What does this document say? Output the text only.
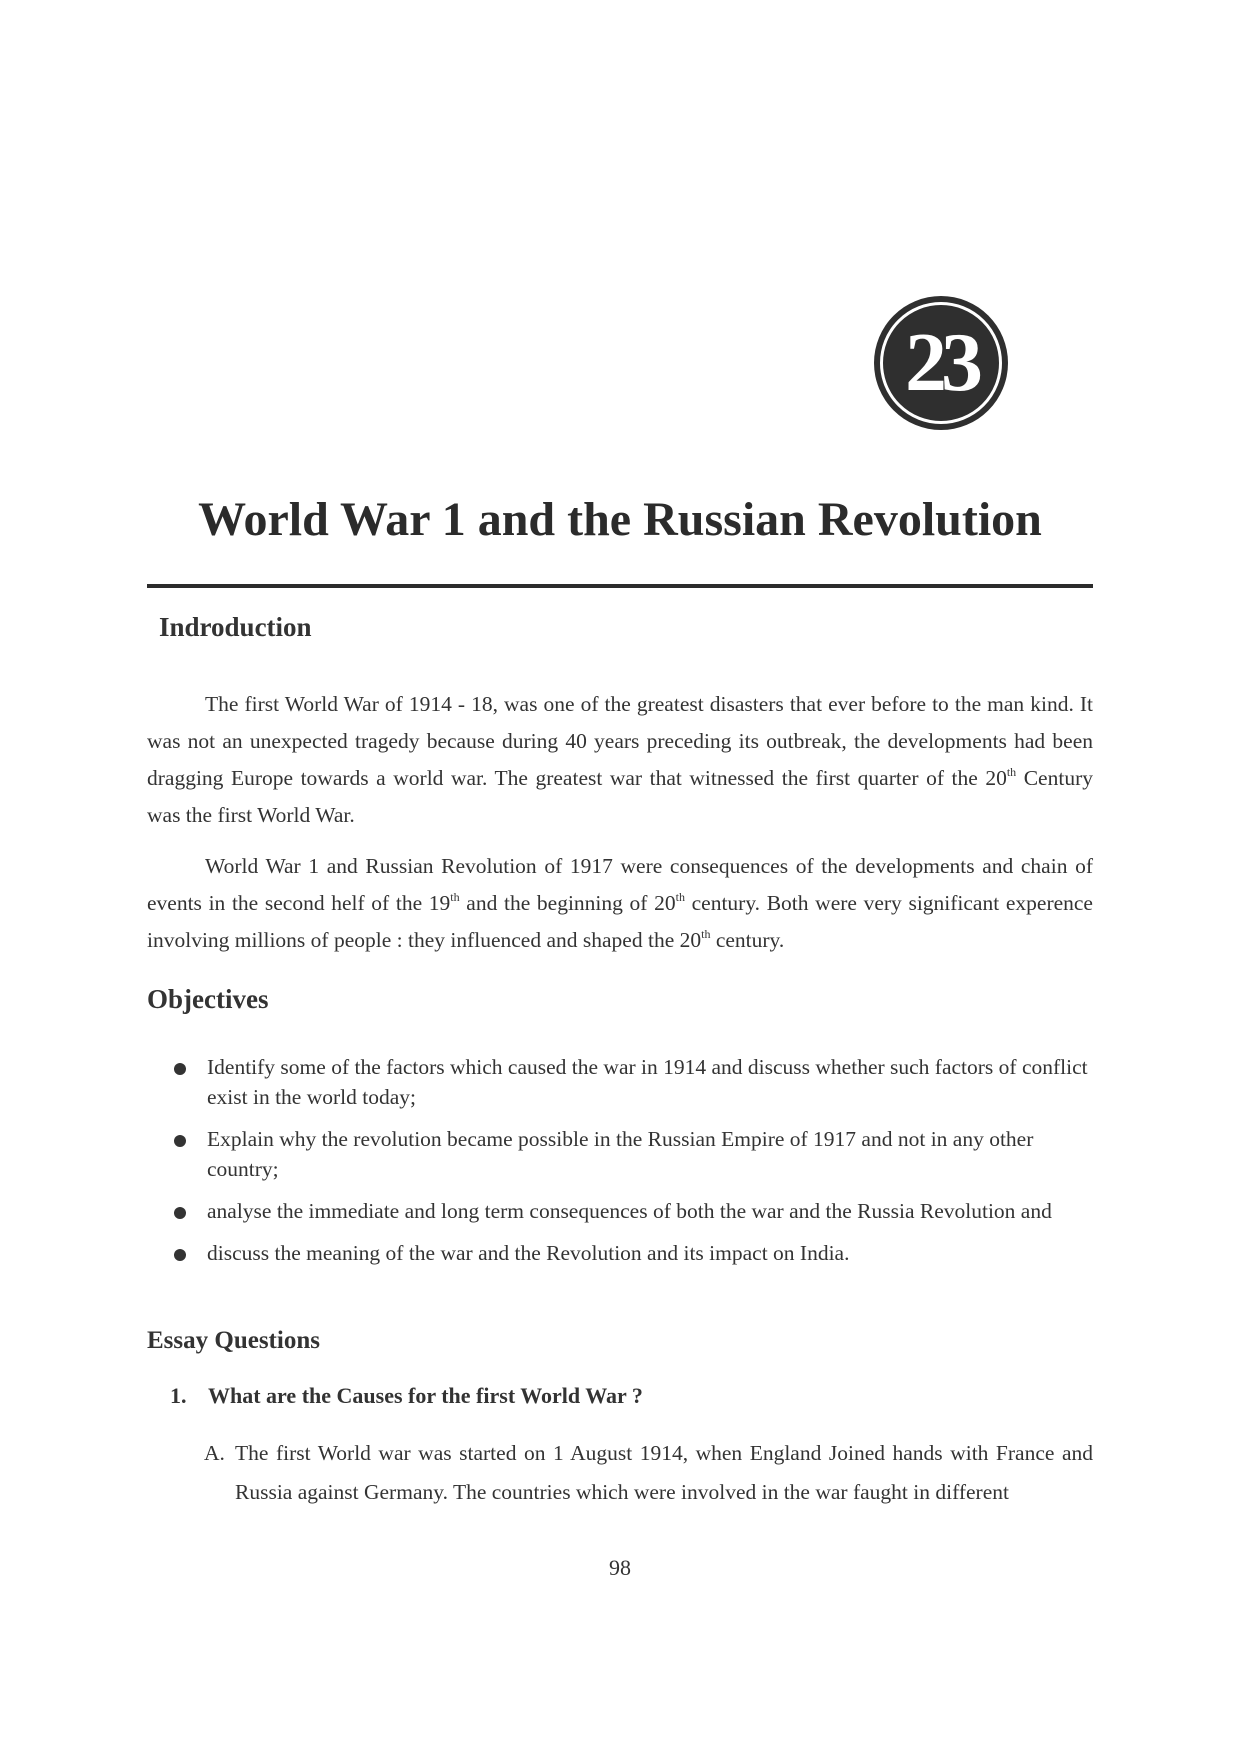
23
World War 1 and the Russian Revolution
Indroduction

The first World War of 1914 - 18, was one of the greatest disasters that ever before to the man kind. It was not an unexpected tragedy because during 40 years preceding its outbreak, the developments had been dragging Europe towards a world war. The greatest war that witnessed the first quarter of the 20th Century was the first World War.

World War 1 and Russian Revolution of 1917 were consequences of the developments and chain of events in the second helf of the 19th and the beginning of 20th century. Both were very significant experence involving millions of people : they influenced and shaped the 20th century.

Objectives
Identify some of the factors which caused the war in 1914 and discuss whether such factors of conflict exist in the world today;
Explain why the revolution became possible in the Russian Empire of 1917 and not in any other country;
analyse the immediate and long term consequences of both the war and the Russia Revolution and
discuss the meaning of the war and the Revolution and its impact on India.
Essay Questions

1. What are the Causes for the first World War ?

A. The first World war was started on 1 August 1914, when England Joined hands with France and Russia against Germany. The countries which were involved in the war faught in different

98
